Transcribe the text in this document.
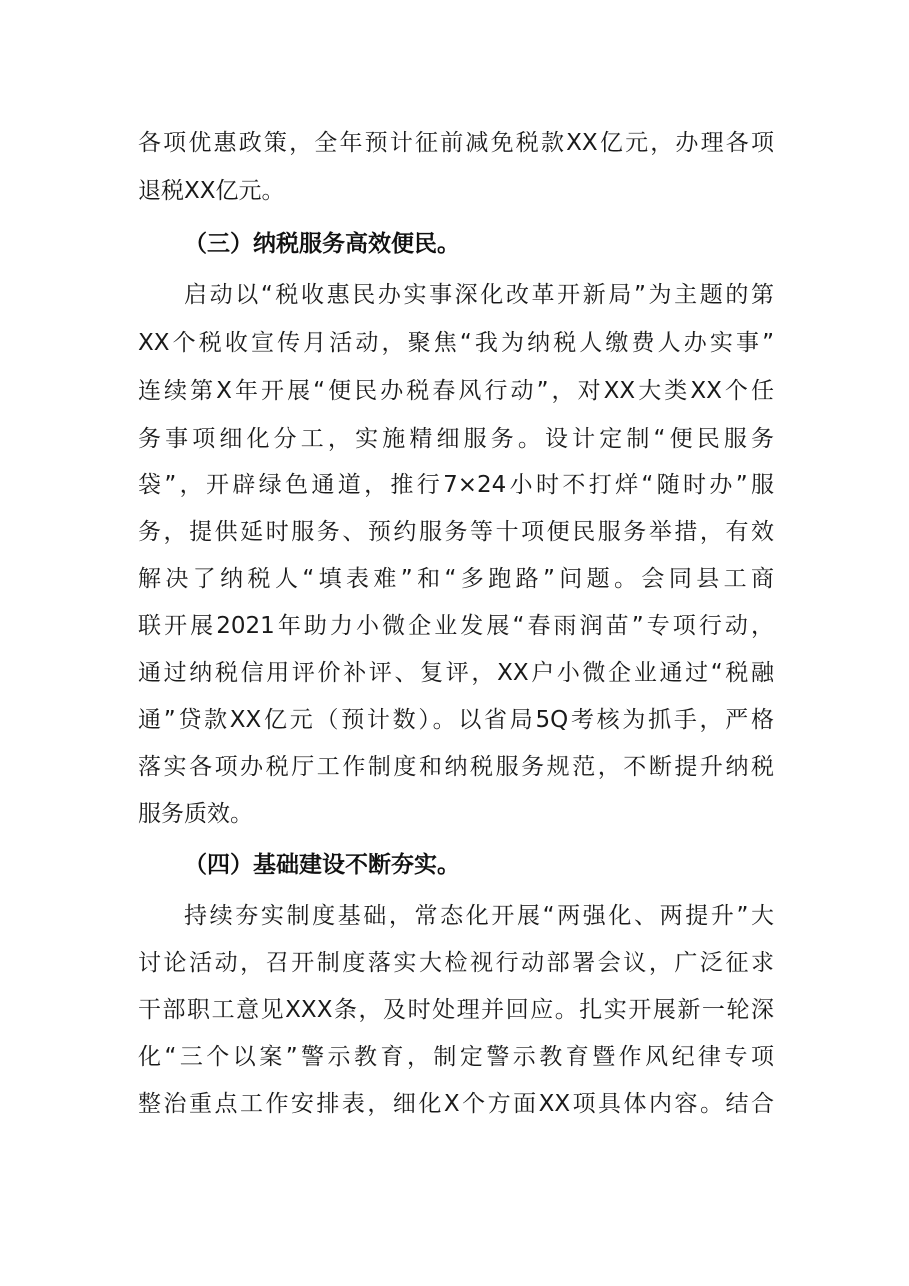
各项优惠政策，全年预计征前减免税款XX亿元，办理各项
退税XX亿元。
（三）纳税服务高效便民。
启动以“税收惠民办实事深化改革开新局”为主题的第
XX个税收宣传月活动，聚焦“我为纳税人缴费人办实事”
连续第X年开展“便民办税春风行动”，对XX大类XX个任
务事项细化分工，实施精细服务。设计定制“便民服务
袋”，开辟绿色通道，推行7×24小时不打烊“随时办”服
务，提供延时服务、预约服务等十项便民服务举措，有效
解决了纳税人“填表难”和“多跑路”问题。会同县工商
联开展2021年助力小微企业发展“春雨润苗”专项行动，
通过纳税信用评价补评、复评，XX户小微企业通过“税融
通”贷款XX亿元（预计数）。以省局5Q考核为抓手，严格
落实各项办税厅工作制度和纳税服务规范，不断提升纳税
服务质效。
（四）基础建设不断夯实。
持续夯实制度基础，常态化开展“两强化、两提升”大
讨论活动，召开制度落实大检视行动部署会议，广泛征求
干部职工意见XXX条，及时处理并回应。扎实开展新一轮深
化“三个以案”警示教育，制定警示教育暨作风纪律专项
整治重点工作安排表，细化X个方面XX项具体内容。结合
